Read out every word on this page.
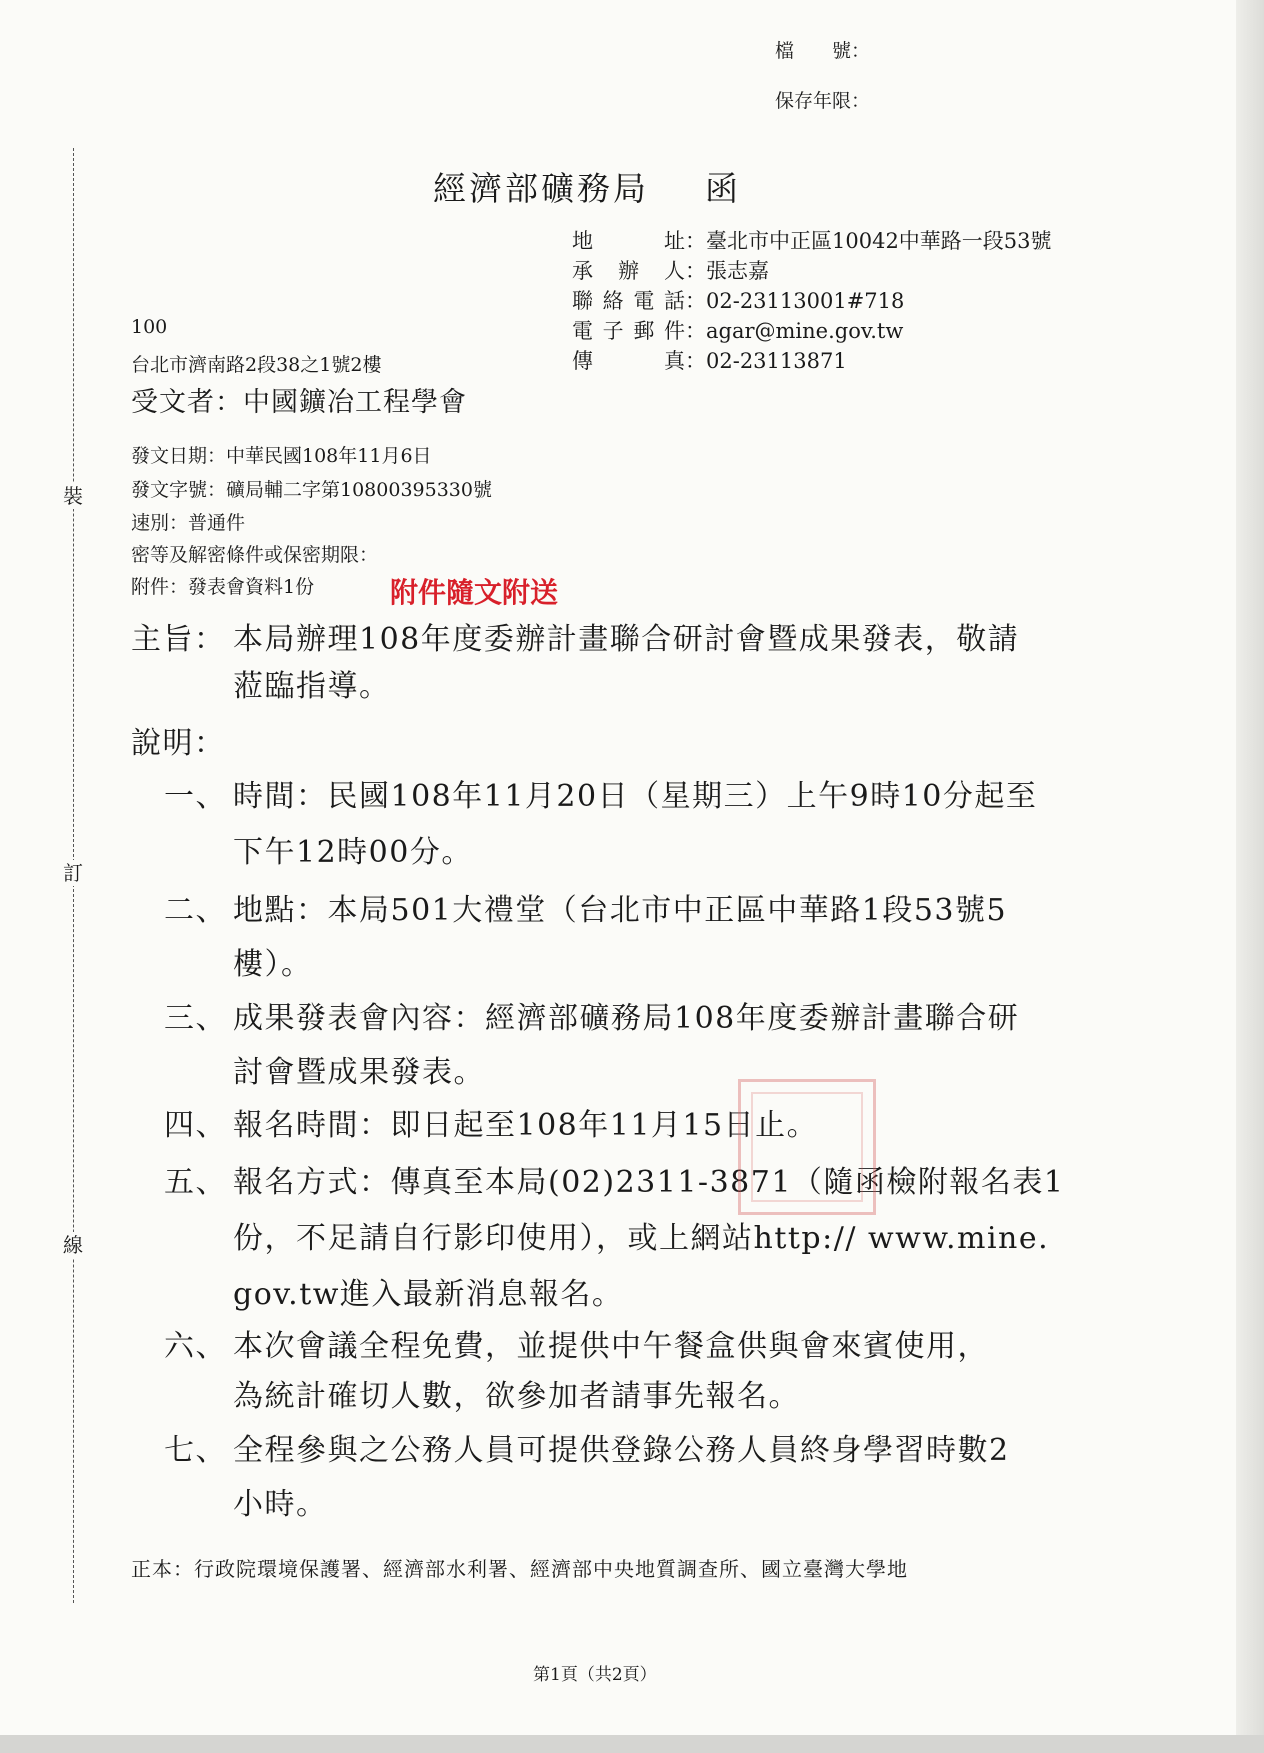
檔　　號：
保存年限：
裝
訂
線
經濟部礦務局 函
地址：臺北市中正區10042中華路一段53號
承辦人：張志嘉
聯絡電話：02-23113001#718
電子郵件：agar@mine.gov.tw
傳真：02-23113871
100
台北市濟南路2段38之1號2樓
受文者：中國鑛冶工程學會
發文日期：中華民國108年11月6日
發文字號：礦局輔二字第10800395330號
速別：普通件
密等及解密條件或保密期限：
附件：發表會資料1份	附件隨文附送
主旨： 本局辦理108年度委辦計畫聯合研討會暨成果發表，敬請
蒞臨指導。
說明：
一、 時間：民國108年11月20日（星期三）上午9時10分起至
下午12時00分。
二、 地點：本局501大禮堂（台北市中正區中華路1段53號5
樓）。
三、 成果發表會內容：經濟部礦務局108年度委辦計畫聯合研
討會暨成果發表。
四、 報名時間：即日起至108年11月15日止。
五、 報名方式：傳真至本局(02)2311-3871（隨函檢附報名表1
份，不足請自行影印使用），或上網站http:// www.mine.
gov.tw進入最新消息報名。
六、 本次會議全程免費，並提供中午餐盒供與會來賓使用，
為統計確切人數，欲參加者請事先報名。
七、 全程參與之公務人員可提供登錄公務人員終身學習時數2
小時。
正本：行政院環境保護署、經濟部水利署、經濟部中央地質調查所、國立臺灣大學地
第1頁（共2頁）
